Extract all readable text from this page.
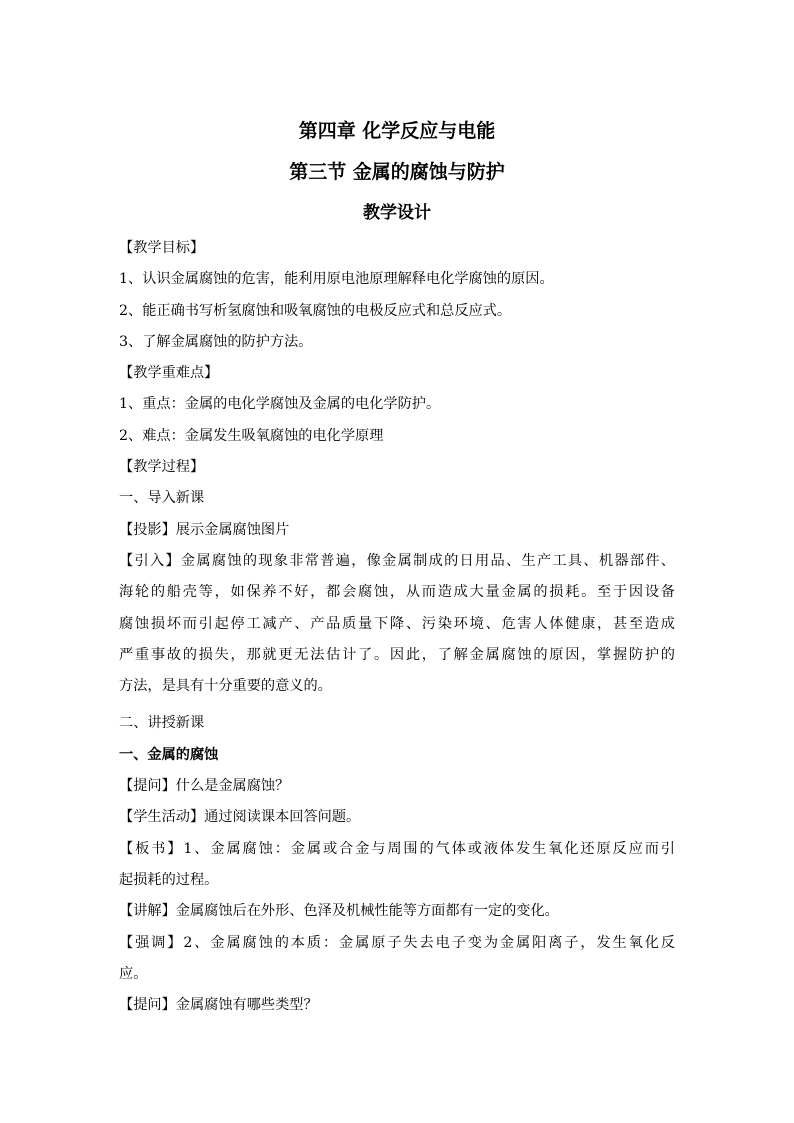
第四章 化学反应与电能
第三节 金属的腐蚀与防护
教学设计
【教学目标】
1、认识金属腐蚀的危害，能利用原电池原理解释电化学腐蚀的原因。
2、能正确书写析氢腐蚀和吸氧腐蚀的电极反应式和总反应式。
3、了解金属腐蚀的防护方法。
【教学重难点】
1、重点：金属的电化学腐蚀及金属的电化学防护。
2、难点：金属发生吸氧腐蚀的电化学原理
【教学过程】
一、导入新课
【投影】展示金属腐蚀图片
【引入】金属腐蚀的现象非常普遍，像金属制成的日用品、生产工具、机器部件、
海轮的船壳等，如保养不好，都会腐蚀，从而造成大量金属的损耗。至于因设备
腐蚀损坏而引起停工减产、产品质量下降、污染环境、危害人体健康，甚至造成
严重事故的损失，那就更无法估计了。因此，了解金属腐蚀的原因，掌握防护的
方法，是具有十分重要的意义的。
二、讲授新课
一、金属的腐蚀
【提问】什么是金属腐蚀？
【学生活动】通过阅读课本回答问题。
【板书】1、金属腐蚀：金属或合金与周围的气体或液体发生氧化还原反应而引
起损耗的过程。
【讲解】金属腐蚀后在外形、色泽及机械性能等方面都有一定的变化。
【强调】2、金属腐蚀的本质：金属原子失去电子变为金属阳离子，发生氧化反
应。
【提问】金属腐蚀有哪些类型？
